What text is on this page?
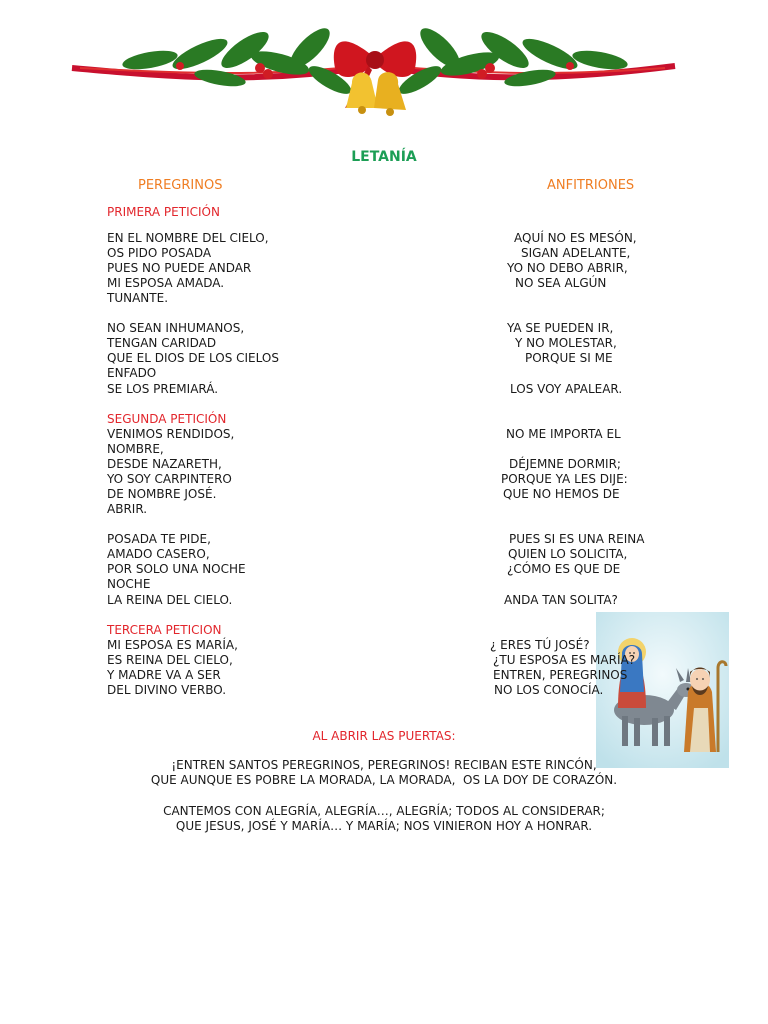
LETANÍA
PEREGRINOS	ANFITRIONES
PRIMERA PETICIÓN
EN EL NOMBRE DEL CIELO,
OS PIDO POSADA
PUES NO PUEDE ANDAR
MI ESPOSA AMADA.
TUNANTE.
NO SEAN INHUMANOS,
TENGAN CARIDAD
QUE EL DIOS DE LOS CIELOS
ENFADO
SE LOS PREMIARÁ.
AQUÍ NO ES MESÓN,
SIGAN ADELANTE,
YO NO DEBO ABRIR,
NO SEA ALGÚN
YA SE PUEDEN IR,
Y NO MOLESTAR,
PORQUE SI ME
LOS VOY APALEAR.
SEGUNDA PETICIÓN
VENIMOS RENDIDOS,
NOMBRE,
DESDE NAZARETH,
YO SOY CARPINTERO
DE NOMBRE JOSÉ.
ABRIR.
POSADA TE PIDE,
AMADO CASERO,
POR SOLO UNA NOCHE
NOCHE
LA REINA DEL CIELO.
NO ME IMPORTA EL
DÉJEMNE DORMIR;
PORQUE YA LES DIJE:
QUE NO HEMOS DE
PUES SI ES UNA REINA
QUIEN LO SOLICITA,
¿CÓMO ES QUE DE
ANDA TAN SOLITA?
TERCERA PETICION
MI ESPOSA ES MARÍA,
ES REINA DEL CIELO,
Y MADRE VA A SER
DEL DIVINO VERBO.
¿ ERES TÚ JOSÉ?
¿TU ESPOSA ES MARÍA?
ENTREN, PEREGRINOS
NO LOS CONOCÍA.
AL ABRIR LAS PUERTAS:
¡ENTREN SANTOS PEREGRINOS, PEREGRINOS! RECIBAN ESTE RINCÓN,
QUE AUNQUE ES POBRE LA MORADA, LA MORADA,  OS LA DOY DE CORAZÓN.
CANTEMOS CON ALEGRÍA, ALEGRÍA…, ALEGRÍA; TODOS AL CONSIDERAR;
QUE JESUS, JOSÉ Y MARÍA… Y MARÍA; NOS VINIERON HOY A HONRAR.
